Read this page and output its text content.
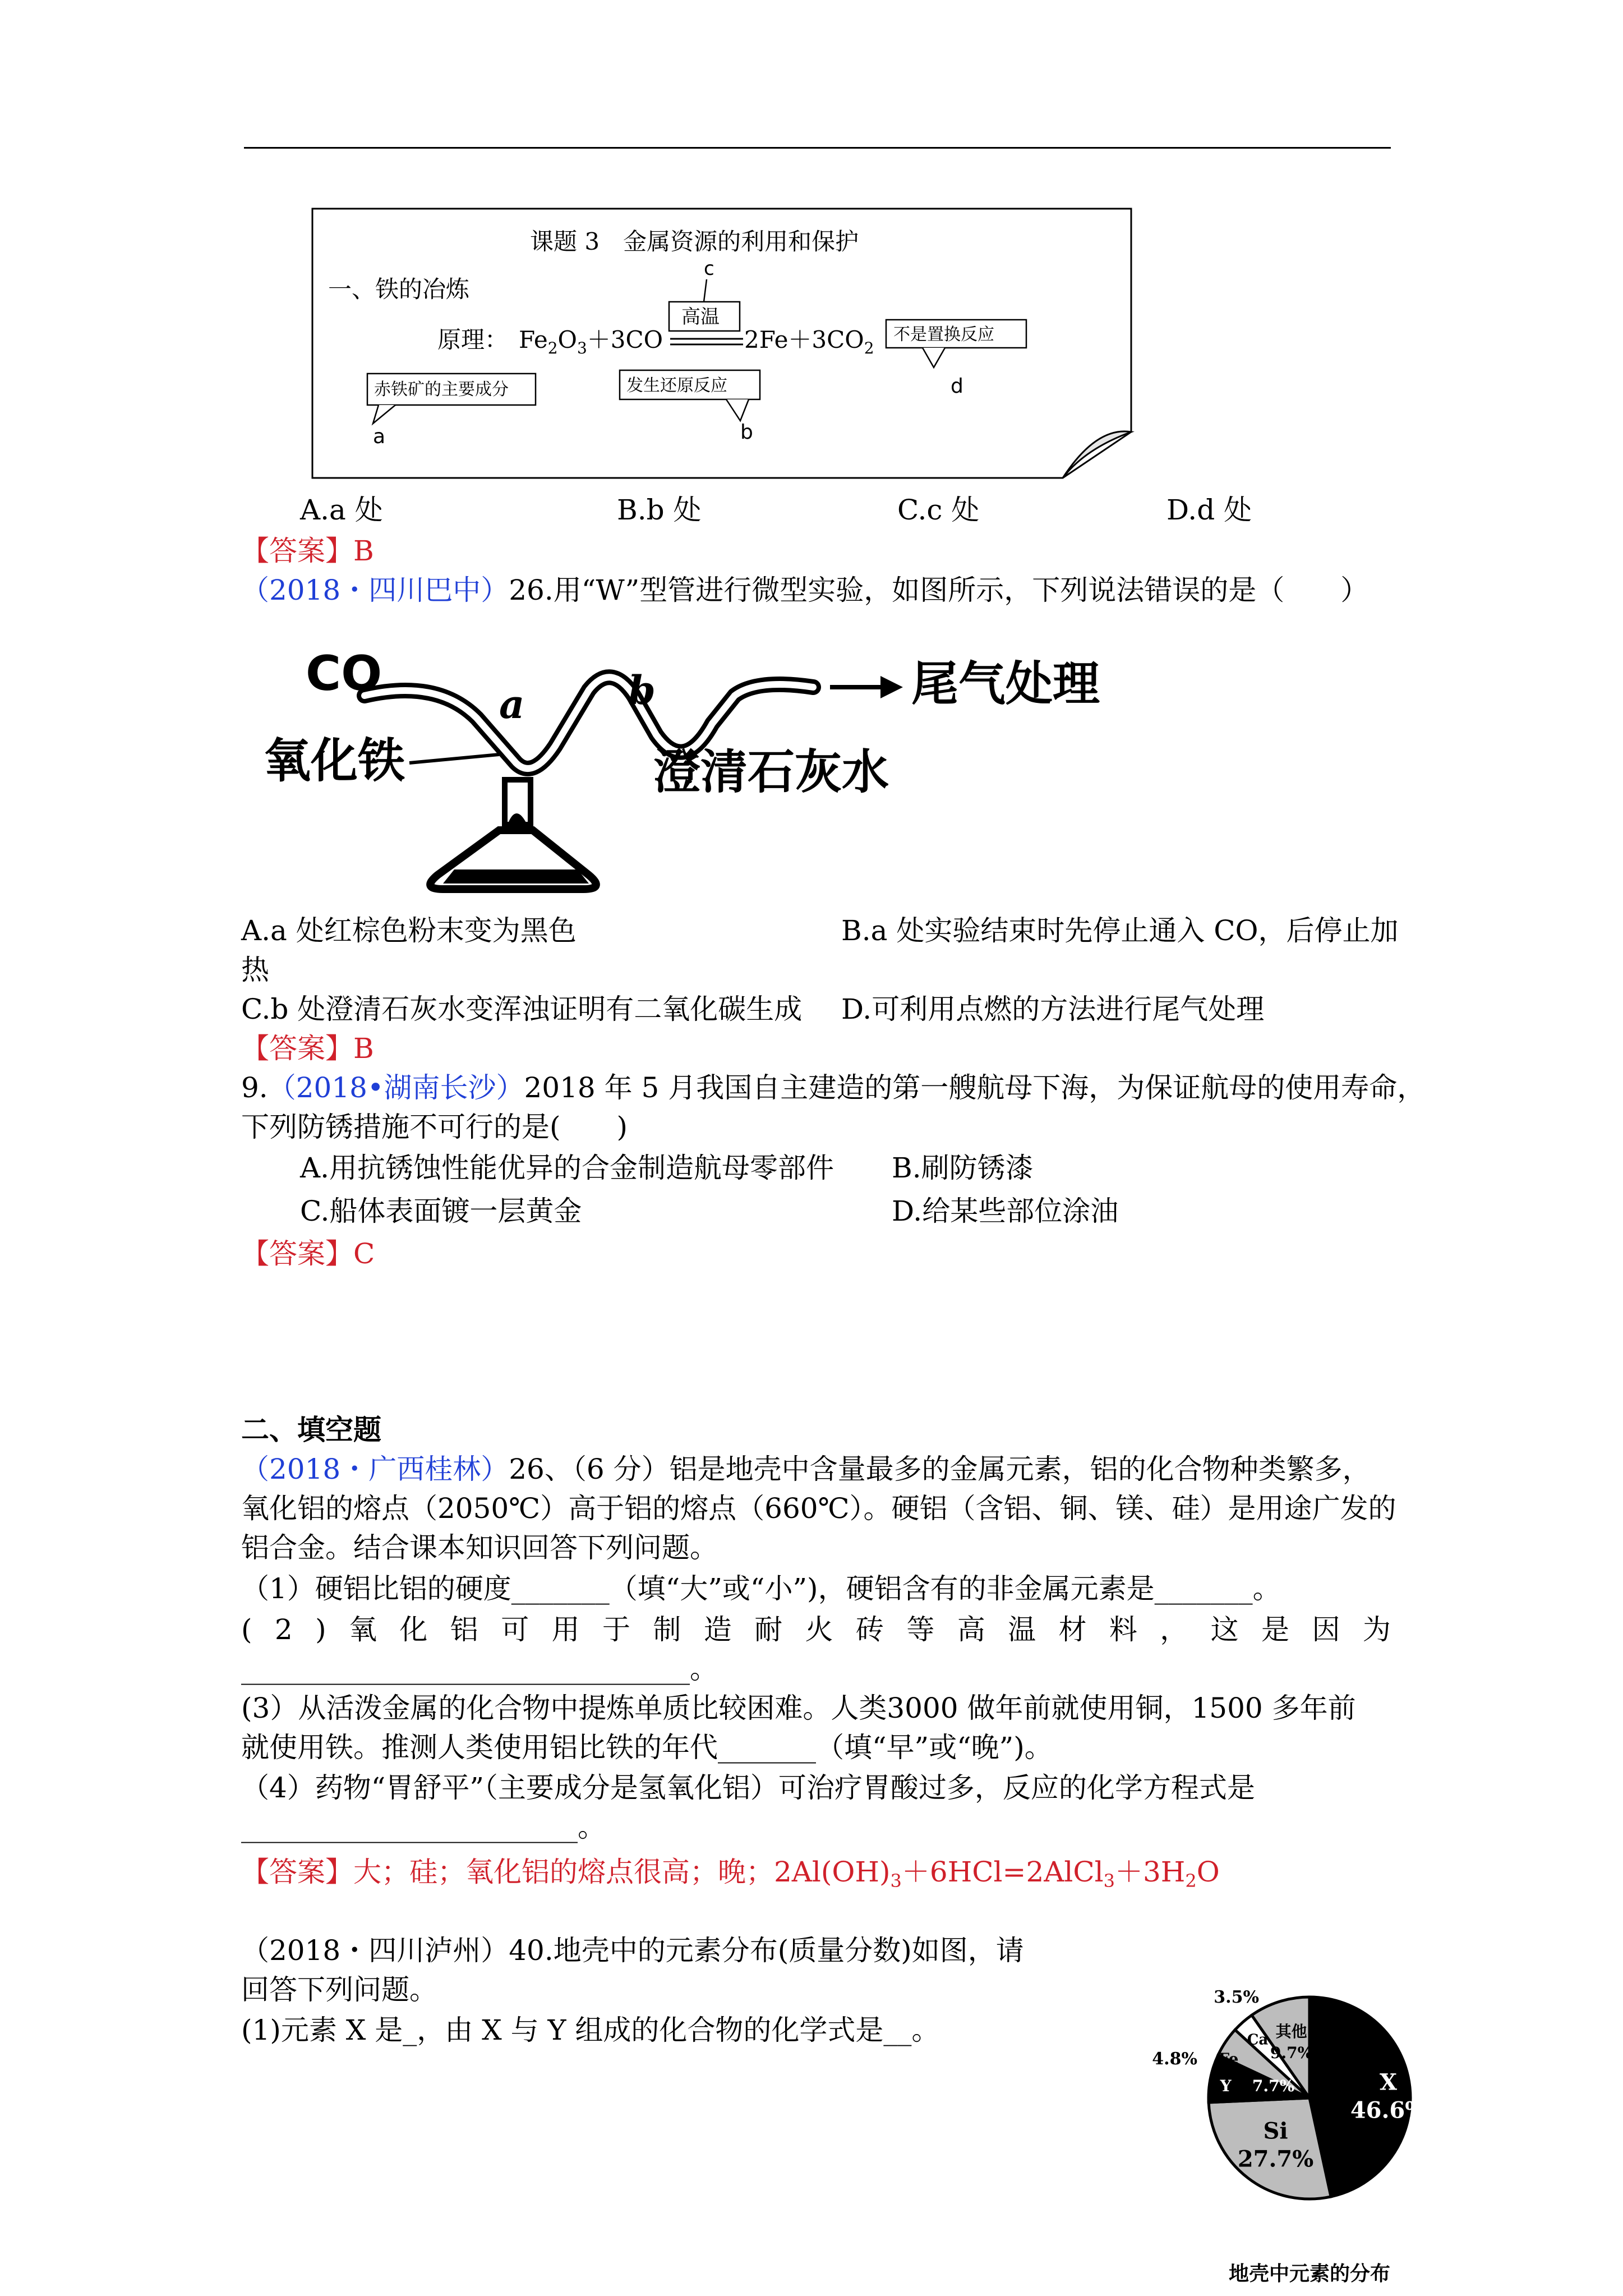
课题 3　金属资源的利用和保护
一、铁的冶炼
原理： $Fe_2O_3+3CO$
高温
c
$2Fe+3CO_2$
不是置换反应
d
赤铁矿的主要成分
a
发生还原反应
b
A.a 处	B.b 处	C.c 处	D.d 处
【答案】B
（2018・四川巴中）26.用“W”型管进行微型实验，如图所示，下列说法错误的是（　　）
CO
a	b	尾气处理
氧化铁	澄清石灰水
A.a 处红棕色粉末变为黑色	B.a 处实验结束时先停止通入 CO，后停止加
热
C.b 处澄清石灰水变浑浊证明有二氧化碳生成 D.可利用点燃的方法进行尾气处理
【答案】B
9.（2018•湖南长沙）2018 年 5 月我国自主建造的第一艘航母下海，为保证航母的使用寿命，
下列防锈措施不可行的是(　　)
A.用抗锈蚀性能优异的合金制造航母零部件 B.刷防锈漆
C.船体表面镀一层黄金	D.给某些部位涂油
【答案】C
二、填空题
（2018・广西桂林）26、（6 分）铝是地壳中含量最多的金属元素，铝的化合物种类繁多，
氧化铝的熔点（2050℃）高于铝的熔点（660℃）。硬铝（含铝、铜、镁、硅）是用途广发的
铝合金。结合课本知识回答下列问题。
（1）硬铝比铝的硬度_______（填“大”或“小”)，硬铝含有的非金属元素是_______。
( 2 ) 氧 化 铝 可 用 于 制 造 耐 火 砖 等 高 温 材 料 ， 这 是 因 为
________________________________。
(3）从活泼金属的化合物中提炼单质比较困难。人类3000 做年前就使用铜，1500 多年前
就使用铁。推测人类使用铝比铁的年代_______（填“早”或“晚”)。
（4）药物“胃舒平”（主要成分是氢氧化铝）可治疗胃酸过多，反应的化学方程式是
________________________。
【答案】大；硅；氧化铝的熔点很高；晚；$2Al(OH)_3+6HCl=2AlCl_3+3H_2O$
（2018・四川泸州）40.地壳中的元素分布(质量分数)如图，请
回答下列问题。
(1)元素 X 是_，由 X 与 Y 组成的化合物的化学式是__。
X
46.6%
Si
27.7%
Y 7.7%
Fe
4.8%
Ca
3.5%
其他
9.7%
地壳中元素的分布
